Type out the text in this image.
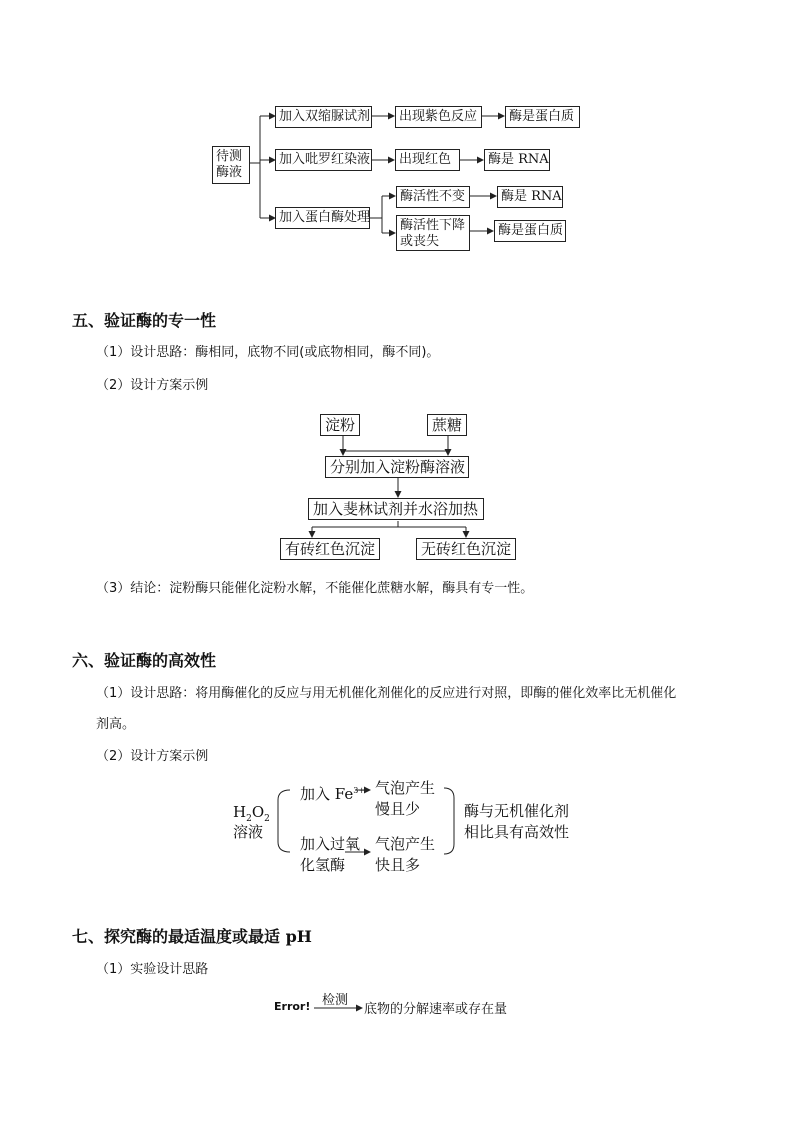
待测
酶液
加入双缩脲试剂	出现紫色反应	酶是蛋白质
加入吡罗红染液	出现红色	酶是 RNA
加入蛋白酶处理
酶活性不变	酶是 RNA
酶活性下降
或丧失
酶是蛋白质
五、验证酶的专一性
（1）设计思路：酶相同，底物不同(或底物相同，酶不同)。
（2）设计方案示例
淀粉	蔗糖
分别加入淀粉酶溶液
加入斐林试剂并水浴加热
有砖红色沉淀	无砖红色沉淀
（3）结论：淀粉酶只能催化淀粉水解，不能催化蔗糖水解，酶具有专一性。
六、验证酶的高效性
（1）设计思路：将用酶催化的反应与用无机催化剂催化的反应进行对照，即酶的催化效率比无机催化
剂高。
（2）设计方案示例
$H_2O_2$
溶液
加入 $Fe^{3+}$ 气泡产生
慢且少
加入过氧
化氢酶
气泡产生
快且多
酶与无机催化剂
相比具有高效性
七、探究酶的最适温度或最适 pH
（1）实验设计思路
Error! 检测
底物的分解速率或存在量
